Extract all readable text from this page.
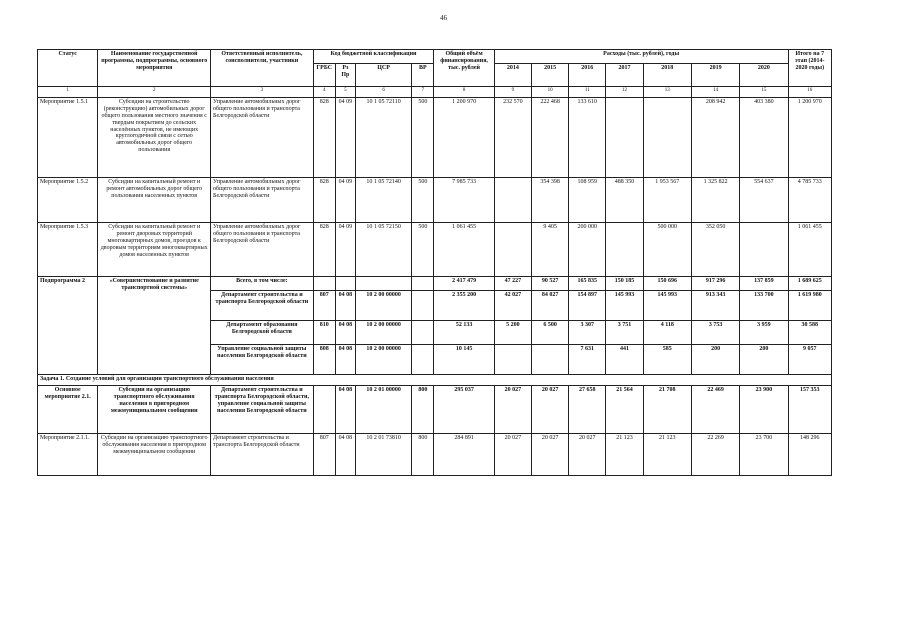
46
Статус	Наименование государственной программы, подпрограммы, основного мероприятия	Ответственный исполнитель, соисполнители, участники	Код бюджетной классификации				Общий объём финансирования, тыс. рублей	Расходы (тыс. рублей), годы							Итого на 7 этап (2014-2020 годы)
			ГРБС	Рз Пр	ЦСР	ВР		2014	2015	2016	2017	2018	2019	2020	
1	2	3	4	5	6	7	8	9	10	11	12	13	14	15	16
Мероприятие 1.5.1	Субсидии на строительство (реконструкцию) автомобильных дорог общего пользования местного значения с твердым покрытием до сельских населённых пунктов, не имеющих круглогодичной связи с сетью автомобильных дорог общего пользования	Управление автомобильных дорог общего пользования и транспорта Белгородской области	828	04 09	10 1 05 72110	500	1 200 970	232 570	222 468	133 610			208 942	403 380	1 200 970
Мероприятие 1.5.2	Субсидии на капитальный ремонт и ремонт автомобильных дорог общего пользования населенных пунктов	Управление автомобильных дорог общего пользования и транспорта Белгородской области	828	04 09	10 1 05 72140	500	7 985 733		354 398	108 959	488 350	1 953 567	1 325 822	554 637	4 785 733
Мероприятие 1.5.3	Субсидии на капитальный ремонт и ремонт дворовых территорий многоквартирных домов, проездов к дворовым территориям многоквартирных домов населенных пунктов	Управление автомобильных дорог общего пользования и транспорта Белгородской области	828	04 09	10 1 05 72150	500	1 061 455		9 405	200 000		500 000	352 050		1 061 455
Подпрограмма 2	«Совершенствование и развитие транспортной системы»	Всего, в том числе:					2 417 479	47 227	90 527	165 835	150 185	150 696	917 296	137 859	1 689 625
		Департамент строительства и транспорта Белгородской области	807	04 08	10 2 00 00000		2 355 200	42 027	84 027	154 897	145 993	145 993	913 343	133 700	1 619 980
		Департамент образования Белгородской области	810	04 08	10 2 00 00000		52 133	5 200	6 500	3 307	3 751	4 118	3 753	3 959	30 588
		Управление социальной защиты населения Белгородской области	808	04 08	10 2 00 00000		10 145			7 631	441	585	200	200	9 057
Задача 1. Создание условий для организации транспортного обслуживания населения															
Основное мероприятие 2.1.	Субсидии на организацию транспортного обслуживания населения в пригородном межмуниципальном сообщении	Департамент строительства и транспорта Белгородской области, управление социальной защиты населения Белгородской области		04 08	10 2 01 00000	800	295 037	20 027	20 027	27 658	21 564	21 708	22 469	23 900	157 353
Мероприятие 2.1.1.	Субсидии на организацию транспортного обслуживания населения в пригородном межмуниципальном сообщении	Департамент строительства и транспорта Белгородской области	807	04 08	10 2 01 73810	800	284 891	20 027	20 027	20 027	21 123	21 123	22 269	23 700	148 296
